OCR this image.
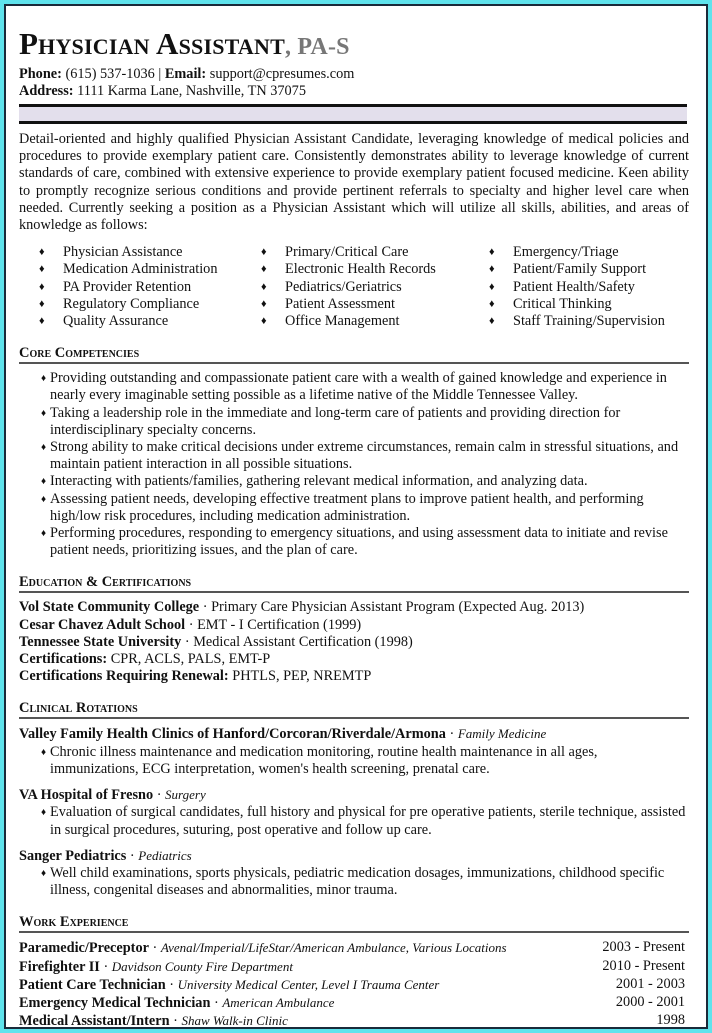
Physician Assistant, PA-S
Phone: (615) 537-1036 | Email: support@cpresumes.com
Address: 1111 Karma Lane, Nashville, TN 37075

Detail-oriented and highly qualified Physician Assistant Candidate, leveraging knowledge of medical policies and procedures to provide exemplary patient care. Consistently demonstrates ability to leverage knowledge of current standards of care, combined with extensive experience to provide exemplary patient focused medicine. Keen ability to promptly recognize serious conditions and provide pertinent referrals to specialty and higher level care when needed. Currently seeking a position as a Physician Assistant which will utilize all skills, abilities, and areas of knowledge as follows:

♦ Physician Assistance	♦ Primary/Critical Care	♦ Emergency/Triage
♦ Medication Administration	♦ Electronic Health Records	♦ Patient/Family Support
♦ PA Provider Retention	♦ Pediatrics/Geriatrics	♦ Patient Health/Safety
♦ Regulatory Compliance	♦ Patient Assessment	♦ Critical Thinking
♦ Quality Assurance	♦ Office Management	♦ Staff Training/Supervision
Core Competencies
♦ Providing outstanding and compassionate patient care with a wealth of gained knowledge and experience in nearly every imaginable setting possible as a lifetime native of the Middle Tennessee Valley.
♦ Taking a leadership role in the immediate and long-term care of patients and providing direction for interdisciplinary specialty concerns.
♦ Strong ability to make critical decisions under extreme circumstances, remain calm in stressful situations, and maintain patient interaction in all possible situations.
♦ Interacting with patients/families, gathering relevant medical information, and analyzing data.
♦ Assessing patient needs, developing effective treatment plans to improve patient health, and performing high/low risk procedures, including medication administration.
♦ Performing procedures, responding to emergency situations, and using assessment data to initiate and revise patient needs, prioritizing issues, and the plan of care.
Education & Certifications
Vol State Community College · Primary Care Physician Assistant Program (Expected Aug. 2013)
Cesar Chavez Adult School · EMT - I Certification (1999)
Tennessee State University · Medical Assistant Certification (1998)
Certifications: CPR, ACLS, PALS, EMT-P
Certifications Requiring Renewal: PHTLS, PEP, NREMTP
Clinical Rotations
Valley Family Health Clinics of Hanford/Corcoran/Riverdale/Armona · Family Medicine
♦ Chronic illness maintenance and medication monitoring, routine health maintenance in all ages, immunizations, ECG interpretation, women's health screening, prenatal care.
VA Hospital of Fresno · Surgery
♦ Evaluation of surgical candidates, full history and physical for pre operative patients, sterile technique, assisted in surgical procedures, suturing, post operative and follow up care.
Sanger Pediatrics · Pediatrics
♦ Well child examinations, sports physicals, pediatric medication dosages, immunizations, childhood specific illness, congenital diseases and abnormalities, minor trauma.
Work Experience
Paramedic/Preceptor · Avenal/Imperial/LifeStar/American Ambulance, Various Locations	2003 - Present
Firefighter II · Davidson County Fire Department	2010 - Present
Patient Care Technician · University Medical Center, Level I Trauma Center	2001 - 2003
Emergency Medical Technician · American Ambulance	2000 - 2001
Medical Assistant/Intern · Shaw Walk-in Clinic	1998
